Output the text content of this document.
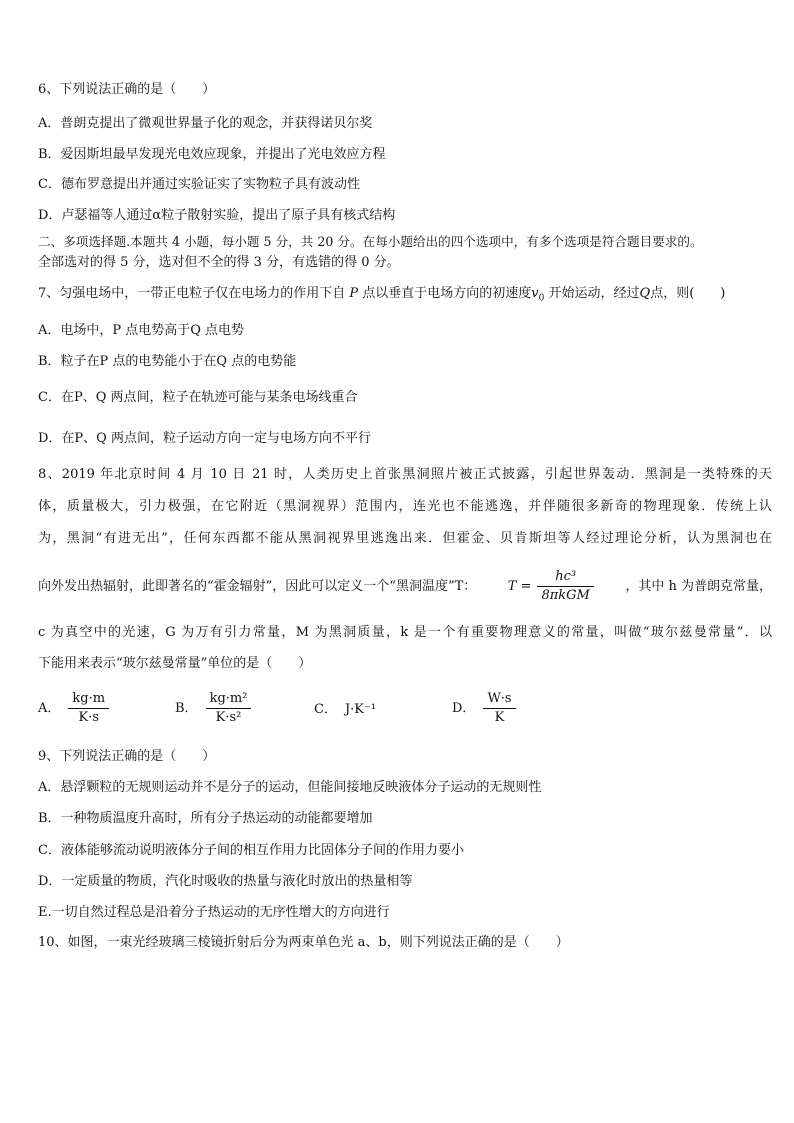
6、下列说法正确的是（　　）
A．普朗克提出了微观世界量子化的观念，并获得诺贝尔奖
B．爱因斯坦最早发现光电效应现象，并提出了光电效应方程
C．德布罗意提出并通过实验证实了实物粒子具有波动性
D．卢瑟福等人通过α粒子散射实验，提出了原子具有核式结构
二、多项选择题.本题共 4 小题，每小题 5 分，共 20 分。在每小题给出的四个选项中，有多个选项是符合题目要求的。
全部选对的得 5 分，选对但不全的得 3 分，有选错的得 0 分。
7、匀强电场中，一带正电粒子仅在电场力的作用下自 P 点以垂直于电场方向的初速度$v_0$ 开始运动，经过Q点，则(　　)
A．电场中，P 点电势高于Q 点电势
B．粒子在P 点的电势能小于在Q 点的电势能
C．在P、Q 两点间，粒子在轨迹可能与某条电场线重合
D．在P、Q 两点间，粒子运动方向一定与电场方向不平行
8、2019 年北京时间 4 月 10 日 21 时，人类历史上首张黑洞照片被正式披露，引起世界轰动．黑洞是一类特殊的天
体，质量极大，引力极强，在它附近（黑洞视界）范围内，连光也不能逃逸，并伴随很多新奇的物理现象．传统上认
为，黑洞“有进无出”，任何东西都不能从黑洞视界里逃逸出来．但霍金、贝肯斯坦等人经过理论分析，认为黑洞也在
向外发出热辐射，此即著名的“霍金辐射”，因此可以定义一个“黑洞温度”T： $T = \frac{\text{hc³}}{\text{8πkGM}}$ ，其中 h 为普朗克常量，
c 为真空中的光速，G 为万有引力常量，M 为黑洞质量，k 是一个有重要物理意义的常量，叫做“玻尔兹曼常量”．以
下能用来表示“玻尔兹曼常量”单位的是（　　）
A． $\frac{kg\cdot m}{K\cdot s}$	B． $\frac{\text{kg·m²}}{\text{K·s²}}$	C． J·K⁻¹	D． $\frac{W\cdot s}{K}$
9、下列说法正确的是（　　）
A．悬浮颗粒的无规则运动并不是分子的运动，但能间接地反映液体分子运动的无规则性
B．一种物质温度升高时，所有分子热运动的动能都要增加
C．液体能够流动说明液体分子间的相互作用力比固体分子间的作用力要小
D．一定质量的物质，汽化时吸收的热量与液化时放出的热量相等
E.一切自然过程总是沿着分子热运动的无序性增大的方向进行
10、如图，一束光经玻璃三棱镜折射后分为两束单色光 a、b，则下列说法正确的是（　　）
